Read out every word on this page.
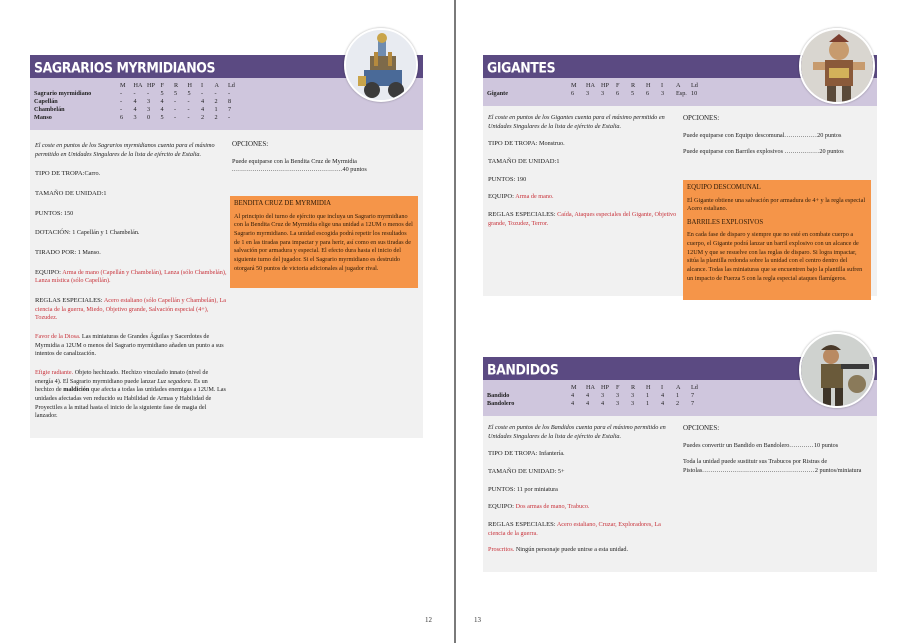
SAGRARIOS MYRMIDIANOS
M	HA HP F	R	H	I	A	Ld
Sagrario myrmidiano	-	-	-	5	5	5	-	-	-
Capellán	-	4	3	4	-	-	4	2	8
Chambelán	-	4	3	4	-	-	4	1	7
Manso	6	3	0	5	-	-	2	2	-

El coste en puntos de los Sagrarios myrmidianos cuenta para el máximo permitido en Unidades Singulares de la lista de ejército de Estalia.

TIPO DE TROPA:Carro.

TAMAÑO DE UNIDAD:1

PUNTOS: 150

DOTACIÓN: 1 Capellán y 1 Chambelán.

TIRADO POR: 1 Manso.

EQUIPO: Arma de mano (Capellán y Chambelán), Lanza (sólo Chambelán), Lanza mística (sólo Capellán).

REGLAS ESPECIALES: Acero estaliano (sólo Capellán y Chambelán), La ciencia de la guerra, Miedo, Objetivo grande, Salvación especial (4+), Tozudez.

Favor de la Diosa. Las miniaturas de Grandes Águilas y Sacerdotes de Myrmidia a 12UM o menos del Sagrario myrmidiano añaden un punto a sus intentos de canalización.

Efigie radiante. Objeto hechizado. Hechizo vinculado innato (nivel de energía 4). El Sagrario myrmidiano puede lanzar Luz segadora. Es un hechizo de maldición que afecta a todas las unidades enemigas a 12UM. Las unidades afectadas ven reducido su Habilidad de Armas y Habilidad de Proyectiles a la mitad hasta el inicio de la siguiente fase de magia del lanzador.

OPCIONES:

Puede equiparse con la Bendita Cruz de Myrmidia ......................................................40 puntos

BENDITA CRUZ DE MYRMIDIA

Al principio del turno de ejército que incluya un Sagrario myrmidiano con la Bendita Cruz de Myrmidia elige una unidad a 12UM o menos del Sagrario myrmidiano. La unidad escogida podrá repetir los resultados de 1 en las tiradas para impactar y para herir, así como en sus tiradas de salvación por armadura y especial. El efecto dura hasta el inicio del siguiente turno del jugador. Si el Sagrario myrmidiano es destruido otorgará 50 puntos de victoria adicionales al jugador rival.

12
GIGANTES
M	HA HP	F	R	H	I	A	Ld
Gigante	6	3	3	6	5	6	3	Esp. 10

El coste en puntos de los Gigantes cuenta para el máximo permitido en Unidades Singulares de la lista de ejército de Estalia.

TIPO DE TROPA: Monstruo.

TAMAÑO DE UNIDAD:1

PUNTOS: 190

EQUIPO: Arma de mano.

REGLAS ESPECIALES: Caída, Ataques especiales del Gigante, Objetivo grande, Tozudez, Terror.

OPCIONES:

Puede equiparse con Equipo descomunal................20 puntos

Puede equiparse con Barriles explosivos .................20 puntos

EQUIPO DESCOMUNAL

El Gigante obtiene una salvación por armadura de 4+ y la regla especial Acero estaliano.

BARRILES EXPLOSIVOS

En cada fase de disparo y siempre que no esté en combate cuerpo a cuerpo, el Gigante podrá lanzar un barril explosivo con un alcance de 12UM y que se resuelve con las reglas de disparo. Si logra impactar, sitúa la plantilla redonda sobre la unidad con el centro dentro del alcance. Todas las miniaturas que se encuentren bajo la plantilla sufren un impacto de Fuerza 5 con la regla especial ataques flamígeros.

BANDIDOS
M	HA HP	F	R	H	I	A	Ld
Bandido	4	4	3	3	3	1	4	1	7
Bandolero	4	4	4	3	3	1	4	2	7

El coste en puntos de los Bandidos cuenta para el máximo permitido en Unidades Singulares de la lista de ejército de Estalia.

TIPO DE TROPA: Infantería.

TAMAÑO DE UNIDAD: 5+

PUNTOS: 11 por miniatura

EQUIPO: Dos armas de mano, Trabuco.

REGLAS ESPECIALES: Acero estaliano, Cruzar, Exploradores, La ciencia de la guerra.

Proscritos. Ningún personaje puede unirse a esta unidad.

OPCIONES:

Puedes convertir un Bandido en Bandolero............10 puntos

Toda la unidad puede sustituir sus Trabucos por Ristras de Pistolas.......................................................2 puntos/miniatura

13
